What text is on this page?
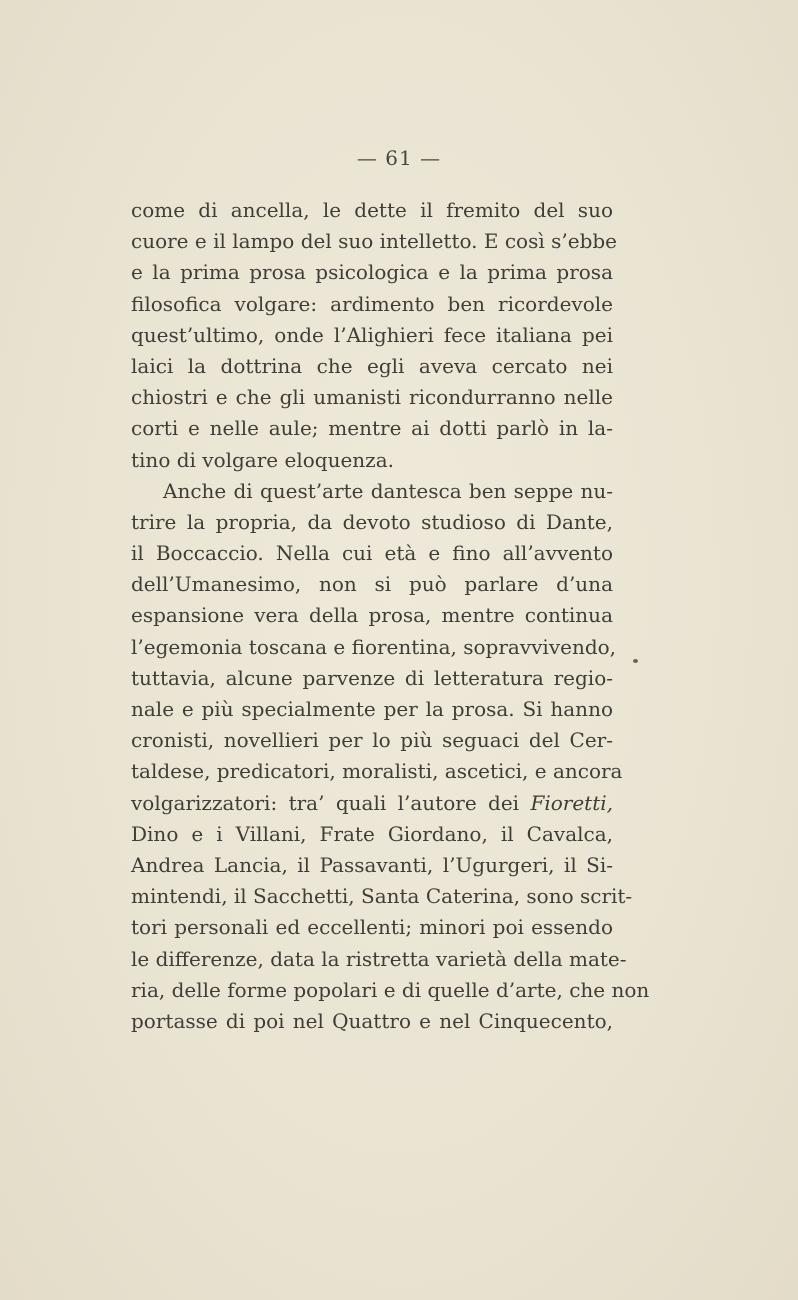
— 61 —
come di ancella, le dette il fremito del suo
cuore e il lampo del suo intelletto. E così s’ebbe
e la prima prosa psicologica e la prima prosa
filosofica volgare: ardimento ben ricordevole
quest’ultimo, onde l’Alighieri fece italiana pei
laici la dottrina che egli aveva cercato nei
chiostri e che gli umanisti ricondurranno nelle
corti e nelle aule; mentre ai dotti parlò in la-
tino di volgare eloquenza.
Anche di quest’arte dantesca ben seppe nu-
trire la propria, da devoto studioso di Dante,
il Boccaccio. Nella cui età e fino all’avvento
dell’Umanesimo, non si può parlare d’una
espansione vera della prosa, mentre continua
l’egemonia toscana e fiorentina, sopravvivendo,
tuttavia, alcune parvenze di letteratura regio-
nale e più specialmente per la prosa. Si hanno
cronisti, novellieri per lo più seguaci del Cer-
taldese, predicatori, moralisti, ascetici, e ancora
volgarizzatori: tra’ quali l’autore dei Fioretti,
Dino e i Villani, Frate Giordano, il Cavalca,
Andrea Lancia, il Passavanti, l’Ugurgeri, il Si-
mintendi, il Sacchetti, Santa Caterina, sono scrit-
tori personali ed eccellenti; minori poi essendo
le differenze, data la ristretta varietà della mate-
ria, delle forme popolari e di quelle d’arte, che non
portasse di poi nel Quattro e nel Cinquecento,
